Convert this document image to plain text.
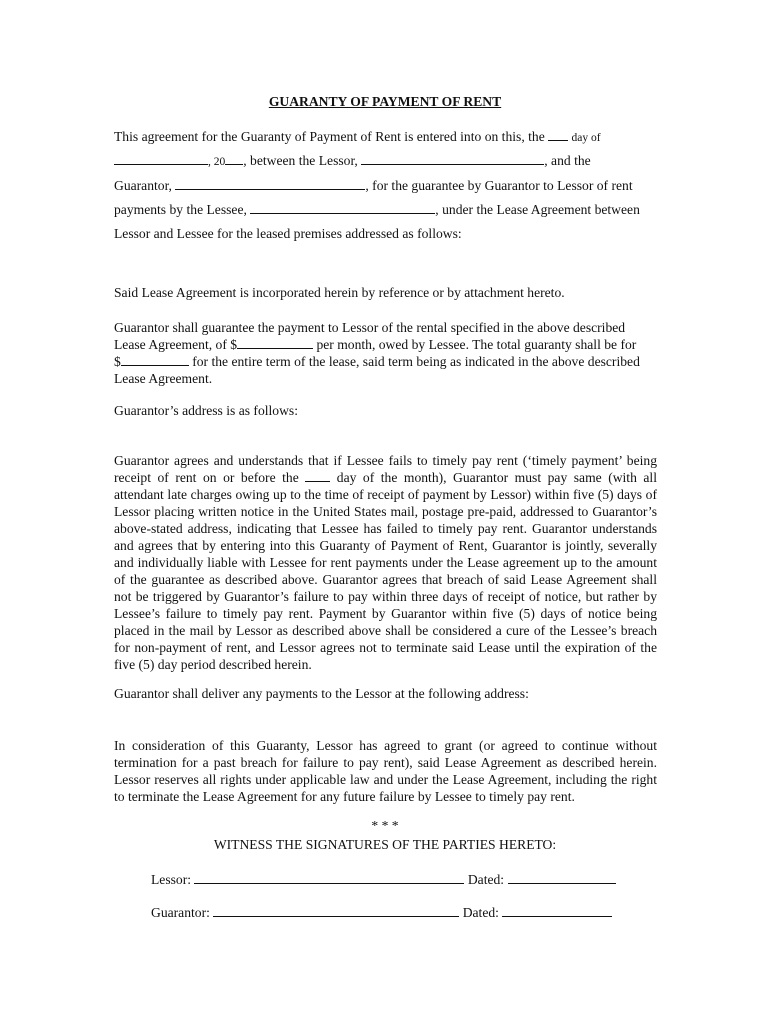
GUARANTY OF PAYMENT OF RENT
This agreement for the Guaranty of Payment of Rent is entered into on this, the day of
, 20 , between the Lessor,	, and the
Guarantor,	, for the guarantee by Guarantor to Lessor of rent
payments by the Lessee,	, under the Lease Agreement between
Lessor and Lessee for the leased premises addressed as follows:
Said Lease Agreement is incorporated herein by reference or by attachment hereto.
Guarantor shall guarantee the payment to Lessor of the rental specified in the above described
Lease Agreement, of $	per month, owed by Lessee. The total guaranty shall be for
$	for the entire term of the lease, said term being as indicated in the above described
Lease Agreement.
Guarantor’s address is as follows:
Guarantor agrees and understands that if Lessee fails to timely pay rent (‘timely payment’ being receipt of rent on or before the	day of the month), Guarantor must pay same (with all attendant late charges owing up to the time of receipt of payment by Lessor) within five (5) days of Lessor placing written notice in the United States mail, postage pre-paid, addressed to Guarantor’s above-stated address, indicating that Lessee has failed to timely pay rent. Guarantor understands and agrees that by entering into this Guaranty of Payment of Rent, Guarantor is jointly, severally and individually liable with Lessee for rent payments under the Lease agreement up to the amount of the guarantee as described above. Guarantor agrees that breach of said Lease Agreement shall not be triggered by Guarantor’s failure to pay within three days of receipt of notice, but rather by Lessee’s failure to timely pay rent. Payment by Guarantor within five (5) days of notice being placed in the mail by Lessor as described above shall be considered a cure of the Lessee’s breach for non-payment of rent, and Lessor agrees not to terminate said Lease until the expiration of the five (5) day period described herein.
Guarantor shall deliver any payments to the Lessor at the following address:
In consideration of this Guaranty, Lessor has agreed to grant (or agreed to continue without termination for a past breach for failure to pay rent), said Lease Agreement as described herein. Lessor reserves all rights under applicable law and under the Lease Agreement, including the right to terminate the Lease Agreement for any future failure by Lessee to timely pay rent.
* * *
WITNESS THE SIGNATURES OF THE PARTIES HERETO:
Lessor:	Dated:
Guarantor:	Dated:
